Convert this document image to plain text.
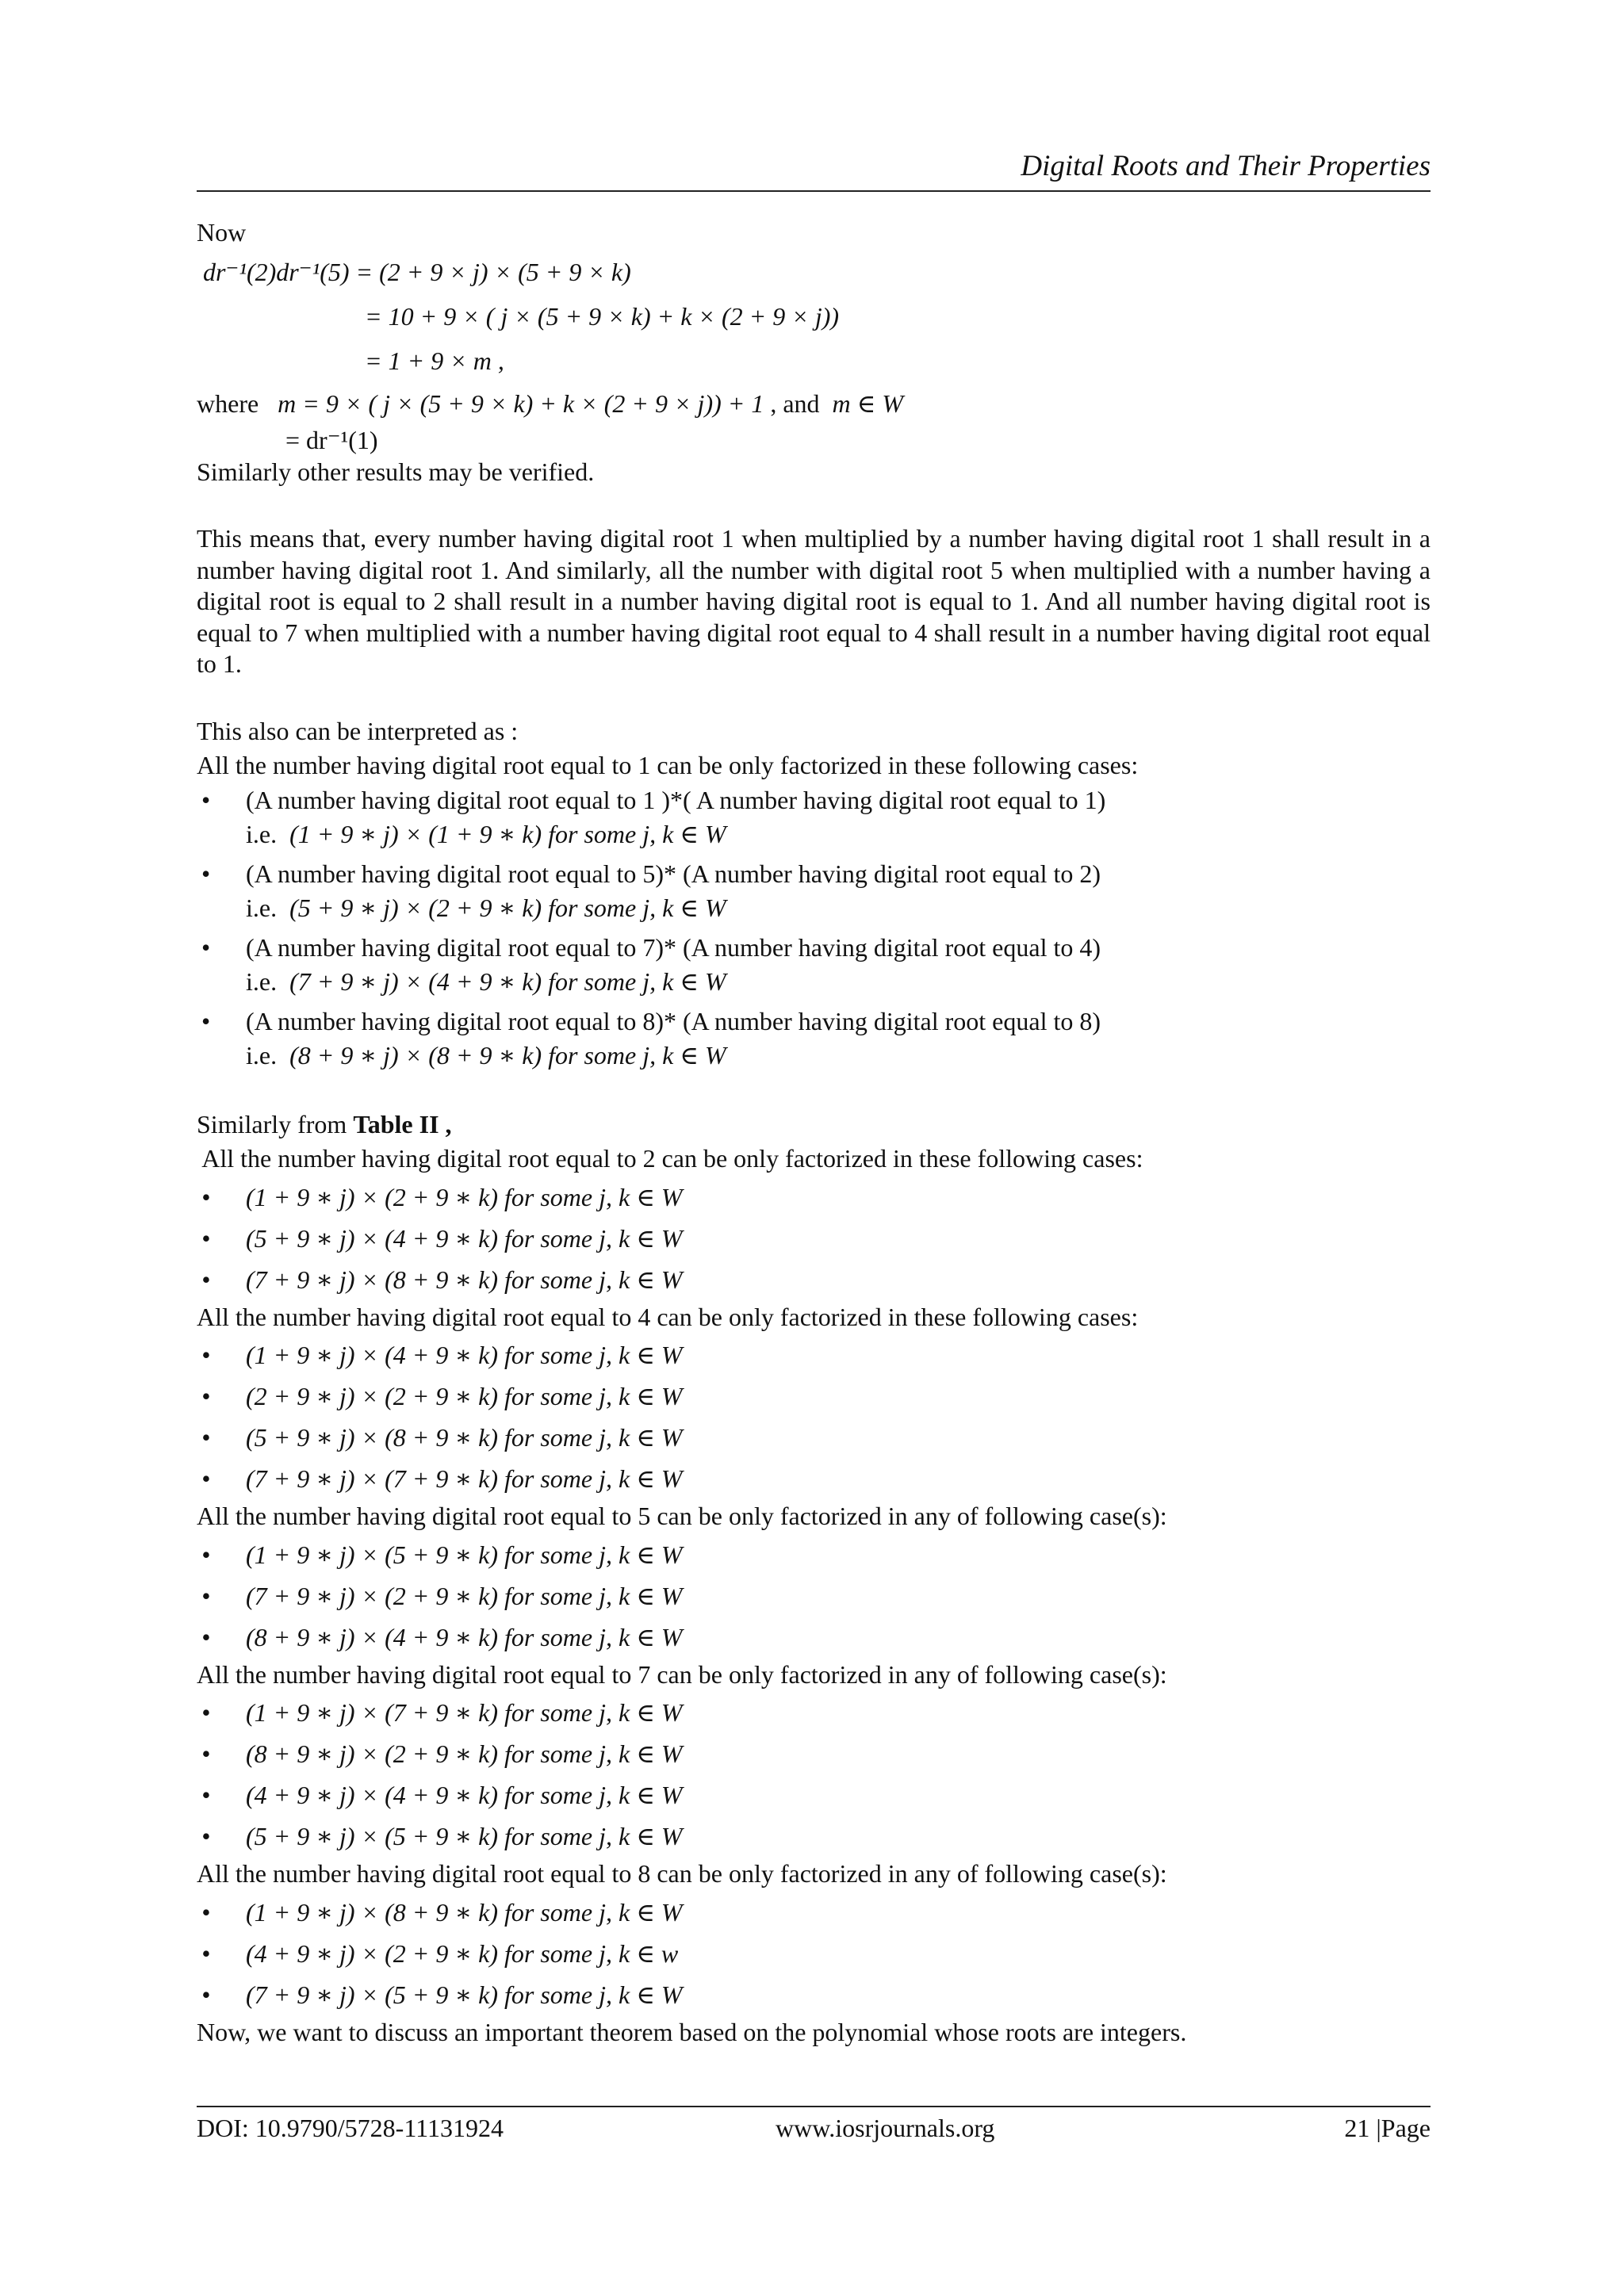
Digital Roots and Their Properties
Now
dr⁻¹(2)dr⁻¹(5) = (2 + 9 × j) × (5 + 9 × k)
= 10 + 9 × ( j × (5 + 9 × k) + k × (2 + 9 × j))
= 1 + 9 × m ,
where m = 9 × ( j × (5 + 9 × k) + k × (2 + 9 × j)) + 1 , and m ∈ W
= dr⁻¹(1)
Similarly other results may be verified.
This means that, every number having digital root 1 when multiplied by a number having digital root 1 shall result in a number having digital root 1. And similarly, all the number with digital root 5 when multiplied with a number having a digital root is equal to 2 shall result in a number having digital root is equal to 1. And all number having digital root is equal to 7 when multiplied with a number having digital root equal to 4 shall result in a number having digital root equal to 1.
This also can be interpreted as :
All the number having digital root equal to 1 can be only factorized in these following cases:
• (A number having digital root equal to 1 )*( A number having digital root equal to 1)
i.e. (1 + 9 ∗ j) × (1 + 9 ∗ k) for some j, k ∈ W
• (A number having digital root equal to 5)* (A number having digital root equal to 2)
i.e. (5 + 9 ∗ j) × (2 + 9 ∗ k) for some j, k ∈ W
• (A number having digital root equal to 7)* (A number having digital root equal to 4)
i.e. (7 + 9 ∗ j) × (4 + 9 ∗ k) for some j, k ∈ W
• (A number having digital root equal to 8)* (A number having digital root equal to 8)
i.e. (8 + 9 ∗ j) × (8 + 9 ∗ k) for some j, k ∈ W
Similarly from Table II ,
All the number having digital root equal to 2 can be only factorized in these following cases:
• (1 + 9 ∗ j) × (2 + 9 ∗ k) for some j, k ∈ W
• (5 + 9 ∗ j) × (4 + 9 ∗ k) for some j, k ∈ W
• (7 + 9 ∗ j) × (8 + 9 ∗ k) for some j, k ∈ W
All the number having digital root equal to 4 can be only factorized in these following cases:
• (1 + 9 ∗ j) × (4 + 9 ∗ k) for some j, k ∈ W
• (2 + 9 ∗ j) × (2 + 9 ∗ k) for some j, k ∈ W
• (5 + 9 ∗ j) × (8 + 9 ∗ k) for some j, k ∈ W
• (7 + 9 ∗ j) × (7 + 9 ∗ k) for some j, k ∈ W
All the number having digital root equal to 5 can be only factorized in any of following case(s):
• (1 + 9 ∗ j) × (5 + 9 ∗ k) for some j, k ∈ W
• (7 + 9 ∗ j) × (2 + 9 ∗ k) for some j, k ∈ W
• (8 + 9 ∗ j) × (4 + 9 ∗ k) for some j, k ∈ W
All the number having digital root equal to 7 can be only factorized in any of following case(s):
• (1 + 9 ∗ j) × (7 + 9 ∗ k) for some j, k ∈ W
• (8 + 9 ∗ j) × (2 + 9 ∗ k) for some j, k ∈ W
• (4 + 9 ∗ j) × (4 + 9 ∗ k) for some j, k ∈ W
• (5 + 9 ∗ j) × (5 + 9 ∗ k) for some j, k ∈ W
All the number having digital root equal to 8 can be only factorized in any of following case(s):
• (1 + 9 ∗ j) × (8 + 9 ∗ k) for some j, k ∈ W
• (4 + 9 ∗ j) × (2 + 9 ∗ k) for some j, k ∈ w
• (7 + 9 ∗ j) × (5 + 9 ∗ k) for some j, k ∈ W
Now, we want to discuss an important theorem based on the polynomial whose roots are integers.
DOI: 10.9790/5728-11131924	www.iosrjournals.org	21 |Page
